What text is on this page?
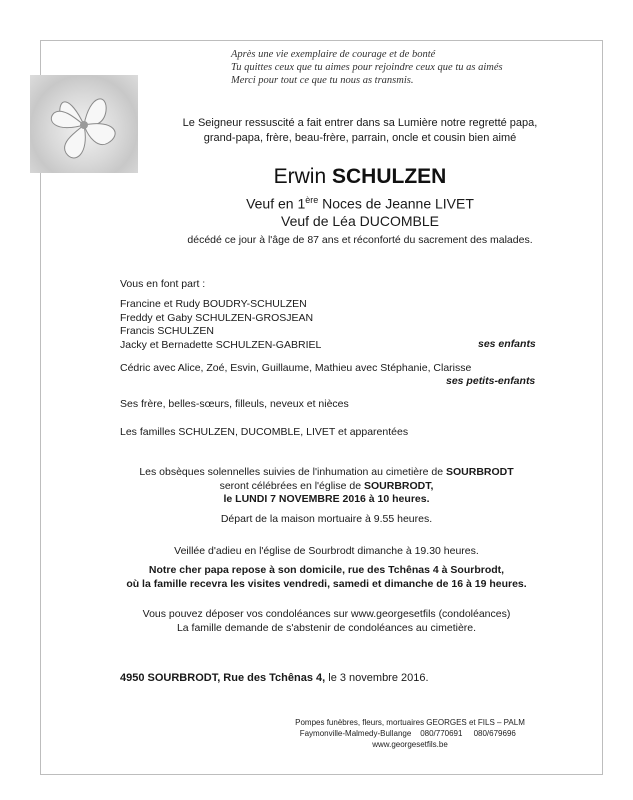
Après une vie exemplaire de courage et de bonté
Tu quittes ceux que tu aimes pour rejoindre ceux que tu as aimés
Merci pour tout ce que tu nous as transmis.
Le Seigneur ressuscité a fait entrer dans sa Lumière notre regretté papa,
grand-papa, frère, beau-frère, parrain, oncle et cousin bien aimé
Erwin SCHULZEN
Veuf en 1ère Noces de Jeanne LIVET
Veuf de Léa DUCOMBLE
décédé ce jour à l'âge de 87 ans et réconforté du sacrement des malades.
Vous en font part :
Francine et Rudy BOUDRY-SCHULZEN
Freddy et Gaby SCHULZEN-GROSJEAN
Francis SCHULZEN
Jacky et Bernadette SCHULZEN-GABRIEL	ses enfants
Cédric avec Alice, Zoé, Esvin, Guillaume, Mathieu avec Stéphanie, Clarisse
ses petits-enfants
Ses frère, belles-sœurs, filleuls, neveux et nièces
Les familles SCHULZEN, DUCOMBLE, LIVET et apparentées
Les obsèques solennelles suivies de l'inhumation au cimetière de SOURBRODT
seront célébrées en l'église de SOURBRODT,
le LUNDI 7 NOVEMBRE 2016 à 10 heures.
Départ de la maison mortuaire à 9.55 heures.
Veillée d'adieu en l'église de Sourbrodt dimanche à 19.30 heures.
Notre cher papa repose à son domicile, rue des Tchênas 4 à Sourbrodt,
où la famille recevra les visites vendredi, samedi et dimanche de 16 à 19 heures.
Vous pouvez déposer vos condoléances sur www.georgesetfils (condoléances)
La famille demande de s'abstenir de condoléances au cimetière.
4950 SOURBRODT, Rue des Tchênas 4, le 3 novembre 2016.
Pompes funèbres, fleurs, mortuaires GEORGES et FILS – PALM
Faymonville-Malmedy-Bullange 080/770691 080/679696   www.georgesetfils.be
